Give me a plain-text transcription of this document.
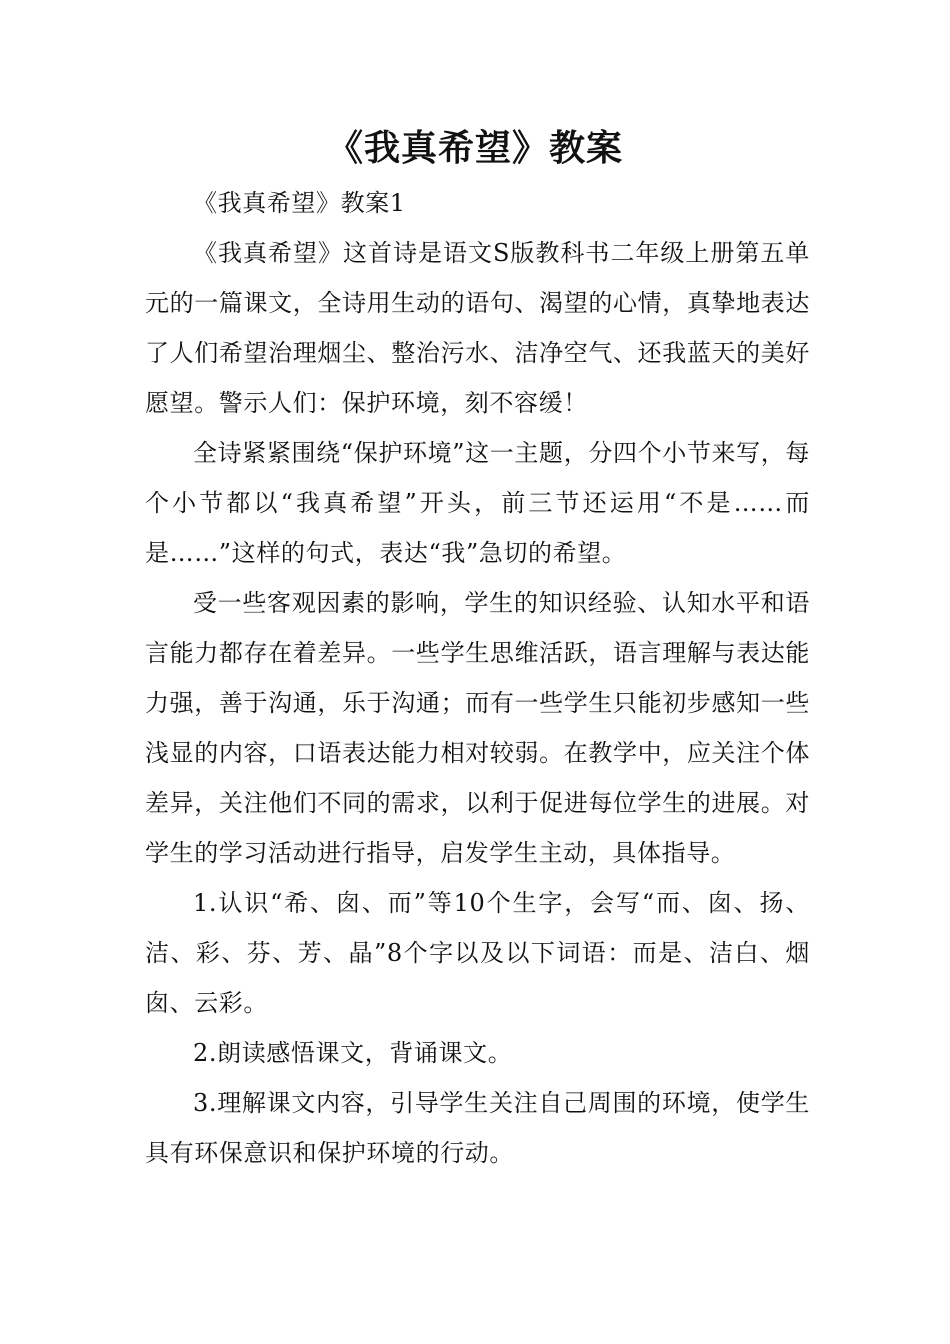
《我真希望》教案

《我真希望》教案1

《我真希望》这首诗是语文S版教科书二年级上册第五单元的一篇课文，全诗用生动的语句、渴望的心情，真挚地表达了人们希望治理烟尘、整治污水、洁净空气、还我蓝天的美好愿望。警示人们：保护环境，刻不容缓！

全诗紧紧围绕“保护环境”这一主题，分四个小节来写，每个小节都以“我真希望”开头，前三节还运用“不是……而是……”这样的句式，表达“我”急切的希望。

受一些客观因素的影响，学生的知识经验、认知水平和语言能力都存在着差异。一些学生思维活跃，语言理解与表达能力强，善于沟通，乐于沟通；而有一些学生只能初步感知一些浅显的内容，口语表达能力相对较弱。在教学中，应关注个体差异，关注他们不同的需求，以利于促进每位学生的进展。对学生的学习活动进行指导，启发学生主动，具体指导。

1.认识“希、囱、而”等10个生字，会写“而、囱、扬、洁、彩、芬、芳、晶”8个字以及以下词语：而是、洁白、烟囱、云彩。

2.朗读感悟课文，背诵课文。

3.理解课文内容，引导学生关注自己周围的环境，使学生具有环保意识和保护环境的行动。
